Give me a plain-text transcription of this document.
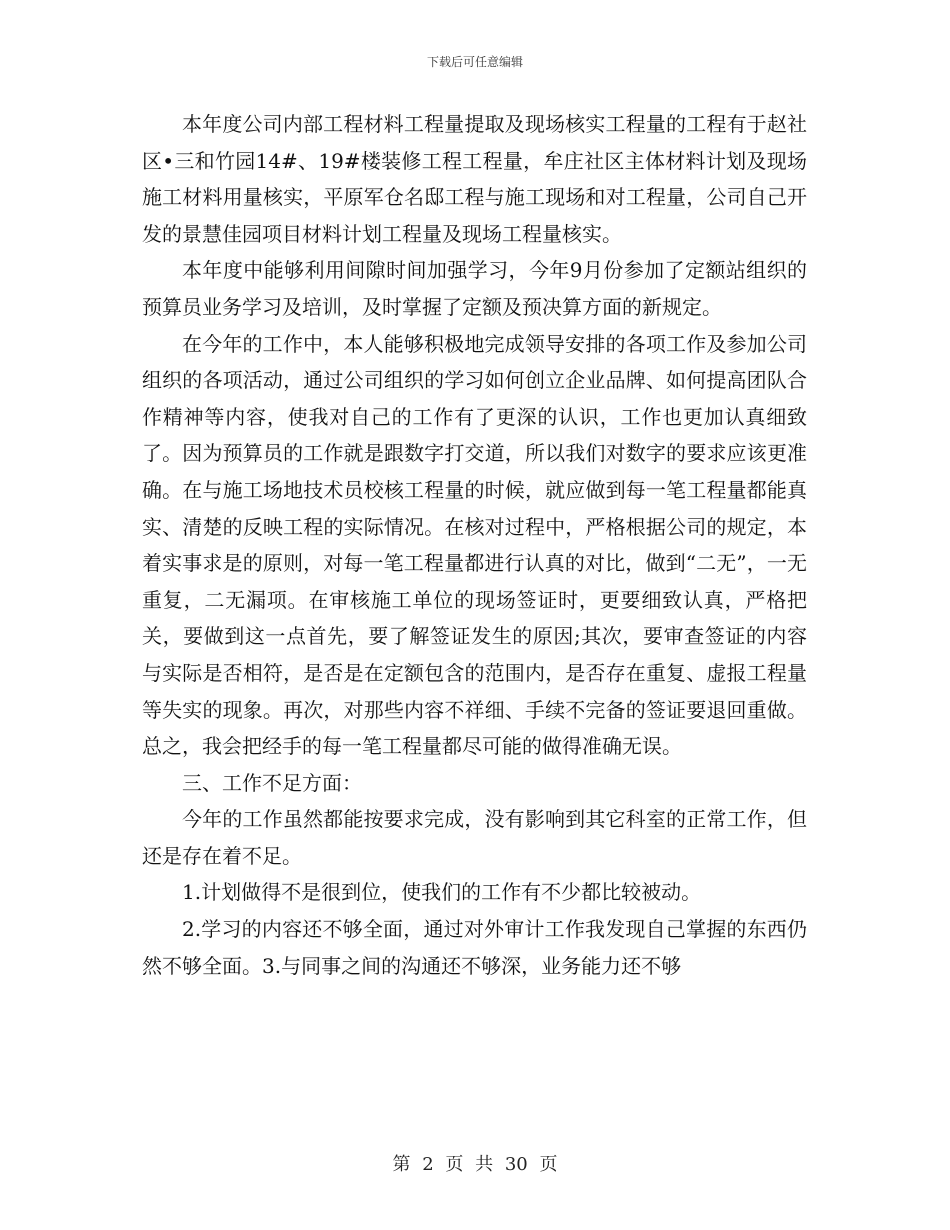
下载后可任意编辑

本年度公司内部工程材料工程量提取及现场核实工程量的工程有于赵社区•三和竹园14#、19#楼装修工程工程量，牟庄社区主体材料计划及现场施工材料用量核实，平原军仓名邸工程与施工现场和对工程量，公司自己开发的景慧佳园项目材料计划工程量及现场工程量核实。

本年度中能够利用间隙时间加强学习，今年9月份参加了定额站组织的预算员业务学习及培训，及时掌握了定额及预决算方面的新规定。

在今年的工作中，本人能够积极地完成领导安排的各项工作及参加公司组织的各项活动，通过公司组织的学习如何创立企业品牌、如何提高团队合作精神等内容，使我对自己的工作有了更深的认识，工作也更加认真细致了。因为预算员的工作就是跟数字打交道，所以我们对数字的要求应该更准确。在与施工场地技术员校核工程量的时候，就应做到每一笔工程量都能真实、清楚的反映工程的实际情况。在核对过程中，严格根据公司的规定，本着实事求是的原则，对每一笔工程量都进行认真的对比，做到“二无”，一无重复，二无漏项。在审核施工单位的现场签证时，更要细致认真，严格把关，要做到这一点首先，要了解签证发生的原因;其次，要审查签证的内容与实际是否相符，是否是在定额包含的范围内，是否存在重复、虚报工程量等失实的现象。再次，对那些内容不祥细、手续不完备的签证要退回重做。总之，我会把经手的每一笔工程量都尽可能的做得准确无误。

三、工作不足方面：

今年的工作虽然都能按要求完成，没有影响到其它科室的正常工作，但还是存在着不足。

1.计划做得不是很到位，使我们的工作有不少都比较被动。

2.学习的内容还不够全面，通过对外审计工作我发现自己掌握的东西仍然不够全面。3.与同事之间的沟通还不够深，业务能力还不够

第 2 页 共 30 页
